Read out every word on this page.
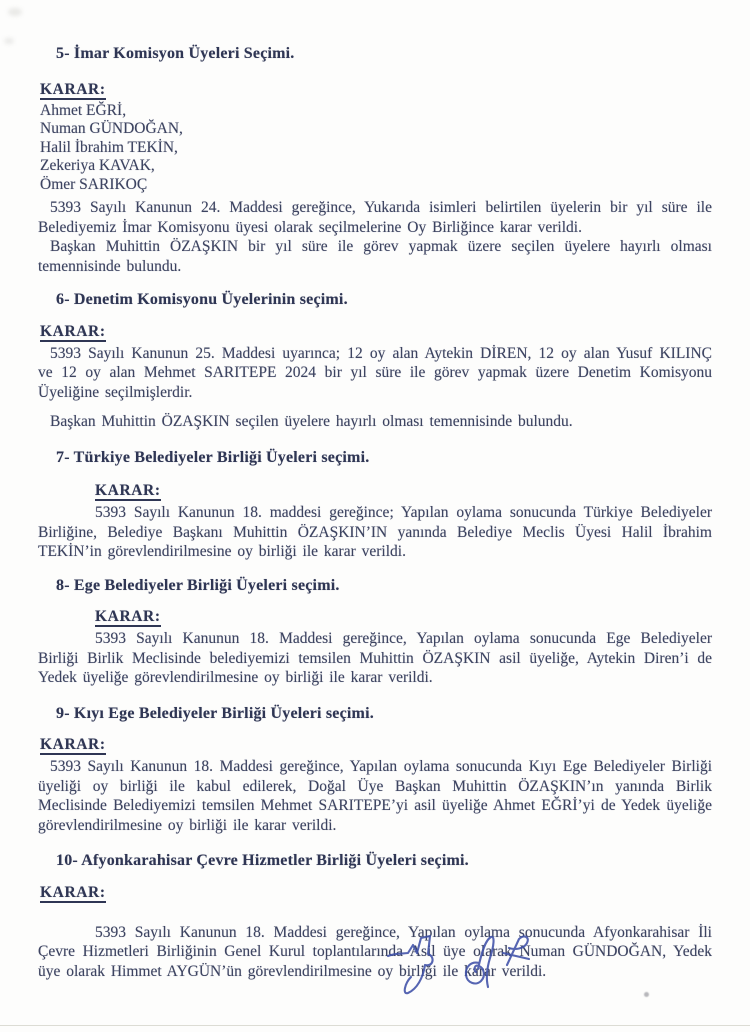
5- İmar Komisyon Üyeleri Seçimi.

KARAR:
Ahmet EĞRİ,
Numan GÜNDOĞAN,
Halil İbrahim TEKİN,
Zekeriya KAVAK,
Ömer SARIKOÇ

5393 Sayılı Kanunun 24. Maddesi gereğince, Yukarıda isimleri belirtilen üyelerin bir yıl süre ile Belediyemiz İmar Komisyonu üyesi olarak seçilmelerine Oy Birliğince karar verildi.

Başkan Muhittin ÖZAŞKIN bir yıl süre ile görev yapmak üzere seçilen üyelere hayırlı olması temennisinde bulundu.

6- Denetim Komisyonu Üyelerinin seçimi.

KARAR:

5393 Sayılı Kanunun 25. Maddesi uyarınca; 12 oy alan Aytekin DİREN, 12 oy alan Yusuf KILINÇ ve 12 oy alan Mehmet SARITEPE 2024 bir yıl süre ile görev yapmak üzere Denetim Komisyonu Üyeliğine seçilmişlerdir.

Başkan Muhittin ÖZAŞKIN seçilen üyelere hayırlı olması temennisinde bulundu.

7- Türkiye Belediyeler Birliği Üyeleri seçimi.

KARAR:

5393 Sayılı Kanunun 18. maddesi gereğince; Yapılan oylama sonucunda Türkiye Belediyeler Birliğine, Belediye Başkanı Muhittin ÖZAŞKIN’IN yanında Belediye Meclis Üyesi Halil İbrahim TEKİN’in görevlendirilmesine oy birliği ile karar verildi.

8- Ege Belediyeler Birliği Üyeleri seçimi.

KARAR:

5393 Sayılı Kanunun 18. Maddesi gereğince, Yapılan oylama sonucunda Ege Belediyeler Birliği Birlik Meclisinde belediyemizi temsilen Muhittin ÖZAŞKIN asil üyeliğe, Aytekin Diren’i de Yedek üyeliğe görevlendirilmesine oy birliği ile karar verildi.

9- Kıyı Ege Belediyeler Birliği Üyeleri seçimi.

KARAR:

5393 Sayılı Kanunun 18. Maddesi gereğince, Yapılan oylama sonucunda Kıyı Ege Belediyeler Birliği üyeliği oy birliği ile kabul edilerek, Doğal Üye Başkan Muhittin ÖZAŞKIN’ın yanında Birlik Meclisinde Belediyemizi temsilen Mehmet SARITEPE’yi asil üyeliğe Ahmet EĞRİ’yi de Yedek üyeliğe görevlendirilmesine oy birliği ile karar verildi.

10- Afyonkarahisar Çevre Hizmetler Birliği Üyeleri seçimi.

KARAR:

5393 Sayılı Kanunun 18. Maddesi gereğince, Yapılan oylama sonucunda Afyonkarahisar İli Çevre Hizmetleri Birliğinin Genel Kurul toplantılarında Asil üye olarak Numan GÜNDOĞAN, Yedek üye olarak Himmet AYGÜN’ün görevlendirilmesine oy birliği ile karar verildi.
